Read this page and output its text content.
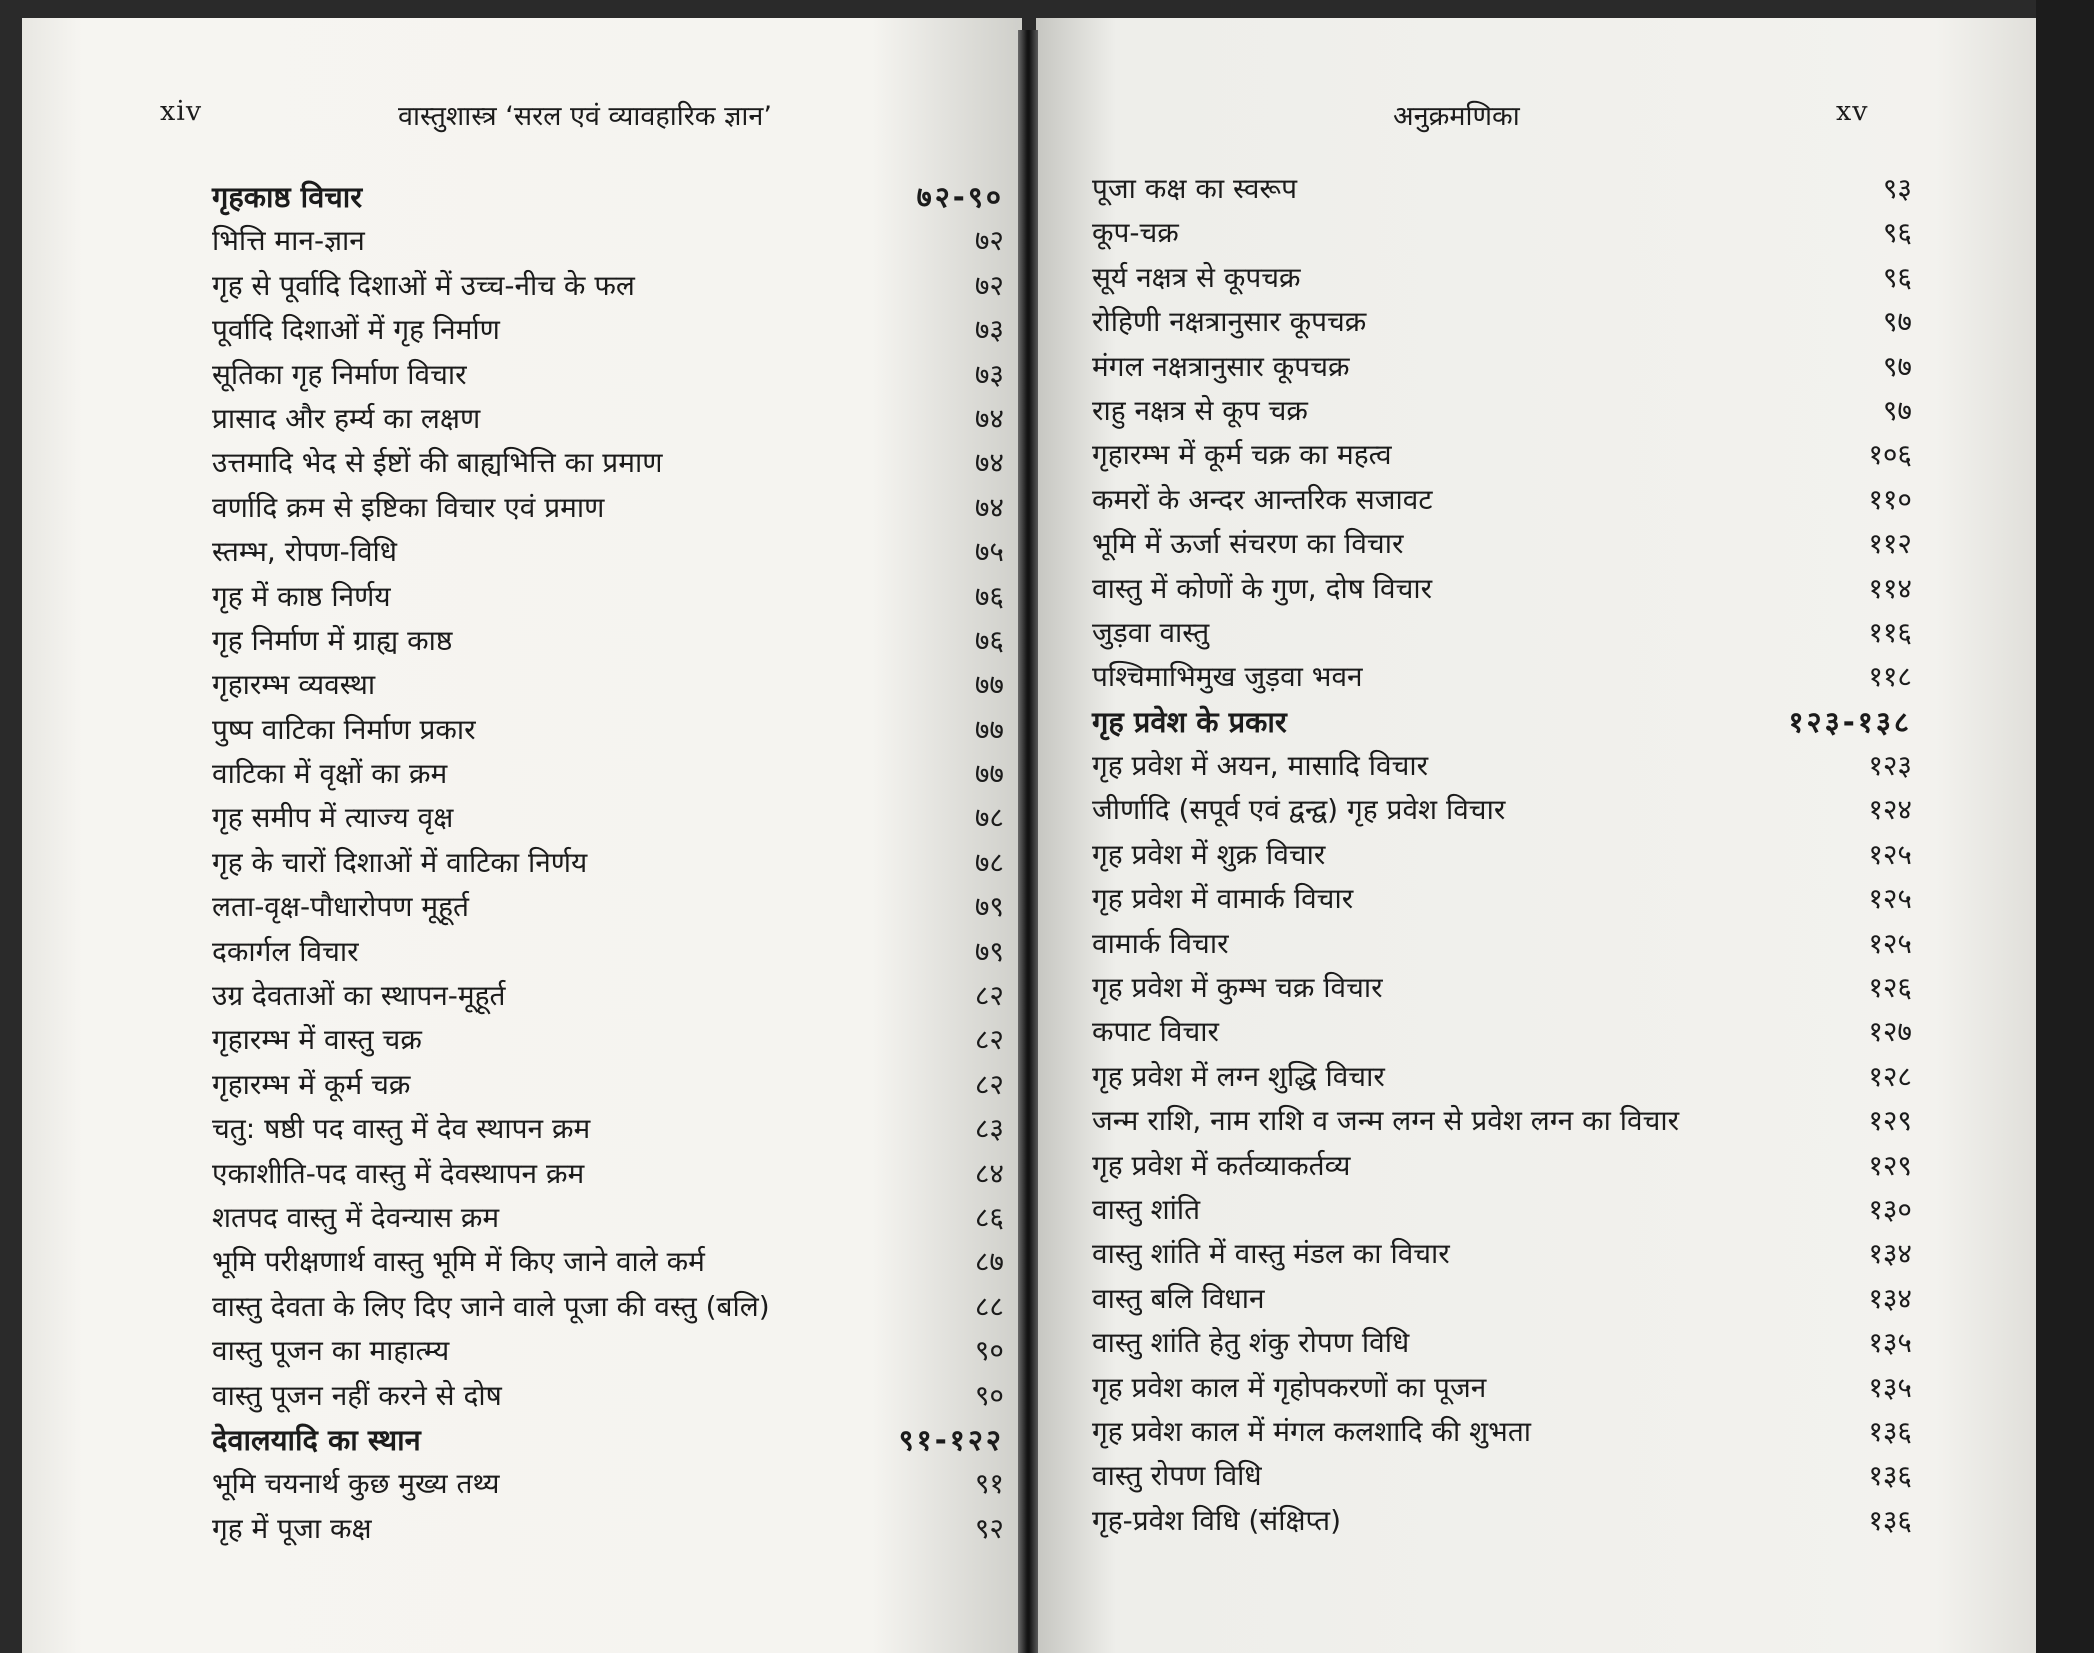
xiv	वास्तुशास्त्र ‘सरल एवं व्यावहारिक ज्ञान’	अनुक्रमणिका	xv
गृहकाष्ठ विचार	७२-९०
भित्ति मान-ज्ञान	७२
गृह से पूर्वादि दिशाओं में उच्च-नीच के फल	७२
पूर्वादि दिशाओं में गृह निर्माण	७३
सूतिका गृह निर्माण विचार	७३
प्रासाद और हर्म्य का लक्षण	७४
उत्तमादि भेद से ईष्टों की बाह्यभित्ति का प्रमाण	७४
वर्णादि क्रम से इष्टिका विचार एवं प्रमाण	७४
स्तम्भ, रोपण-विधि	७५
गृह में काष्ठ निर्णय	७६
गृह निर्माण में ग्राह्य काष्ठ	७६
गृहारम्भ व्यवस्था	७७
पुष्प वाटिका निर्माण प्रकार	७७
वाटिका में वृक्षों का क्रम	७७
गृह समीप में त्याज्य वृक्ष	७८
गृह के चारों दिशाओं में वाटिका निर्णय	७८
लता-वृक्ष-पौधारोपण मूहूर्त	७९
दकार्गल विचार	७९
उग्र देवताओं का स्थापन-मूहूर्त	८२
गृहारम्भ में वास्तु चक्र	८२
गृहारम्भ में कूर्म चक्र	८२
चतु: षष्ठी पद वास्तु में देव स्थापन क्रम	८३
एकाशीति-पद वास्तु में देवस्थापन क्रम	८४
शतपद वास्तु में देवन्यास क्रम	८६
भूमि परीक्षणार्थ वास्तु भूमि में किए जाने वाले कर्म	८७
वास्तु देवता के लिए दिए जाने वाले पूजा की वस्तु (बलि)	८८
वास्तु पूजन का माहात्म्य	९०
वास्तु पूजन नहीं करने से दोष	९०
देवालयादि का स्थान	९१-१२२
भूमि चयनार्थ कुछ मुख्य तथ्य	९१
गृह में पूजा कक्ष	९२
पूजा कक्ष का स्वरूप	९३
कूप-चक्र	९६
सूर्य नक्षत्र से कूपचक्र	९६
रोहिणी नक्षत्रानुसार कूपचक्र	९७
मंगल नक्षत्रानुसार कूपचक्र	९७
राहु नक्षत्र से कूप चक्र	९७
गृहारम्भ में कूर्म चक्र का महत्व	१०६
कमरों के अन्दर आन्तरिक सजावट	११०
भूमि में ऊर्जा संचरण का विचार	११२
वास्तु में कोणों के गुण, दोष विचार	११४
जुड़वा वास्तु	११६
पश्चिमाभिमुख जुड़वा भवन	११८
गृह प्रवेश के प्रकार	१२३-१३८
गृह प्रवेश में अयन, मासादि विचार	१२३
जीर्णादि (सपूर्व एवं द्वन्द्व) गृह प्रवेश विचार	१२४
गृह प्रवेश में शुक्र विचार	१२५
गृह प्रवेश में वामार्क विचार	१२५
वामार्क विचार	१२५
गृह प्रवेश में कुम्भ चक्र विचार	१२६
कपाट विचार	१२७
गृह प्रवेश में लग्न शुद्धि विचार	१२८
जन्म राशि, नाम राशि व जन्म लग्न से प्रवेश लग्न का विचार	१२९
गृह प्रवेश में कर्तव्याकर्तव्य	१२९
वास्तु शांति	१३०
वास्तु शांति में वास्तु मंडल का विचार	१३४
वास्तु बलि विधान	१३४
वास्तु शांति हेतु शंकु रोपण विधि	१३५
गृह प्रवेश काल में गृहोपकरणों का पूजन	१३५
गृह प्रवेश काल में मंगल कलशादि की शुभता	१३६
वास्तु रोपण विधि	१३६
गृह-प्रवेश विधि (संक्षिप्त)	१३६
